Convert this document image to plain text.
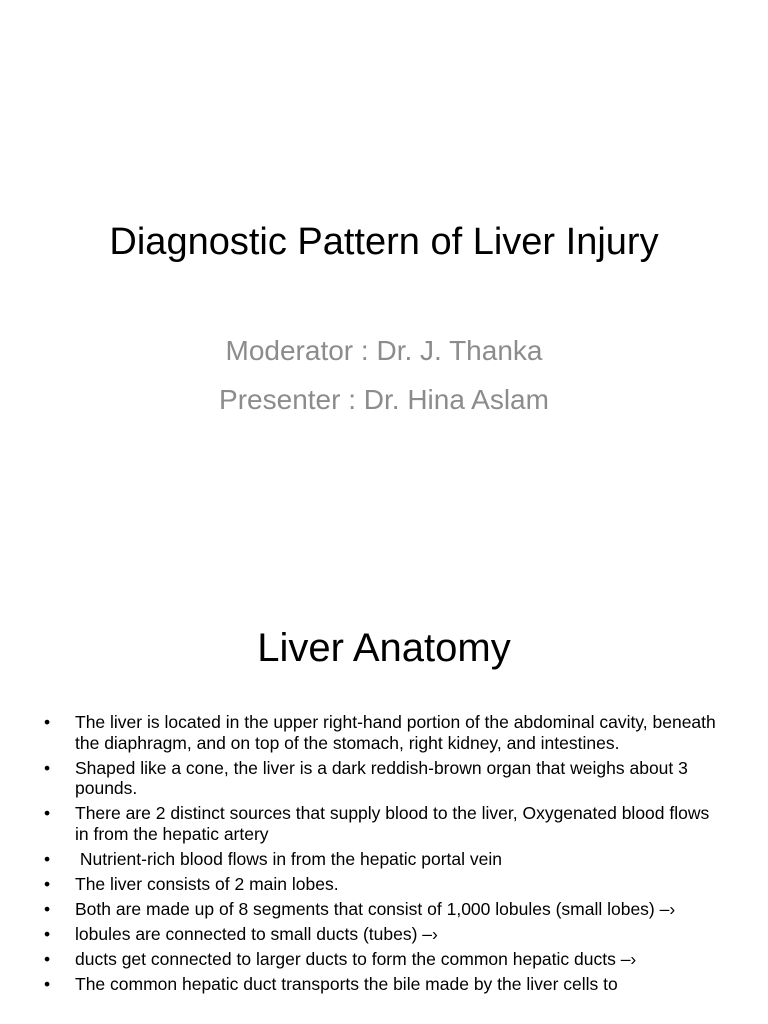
Diagnostic Pattern of Liver Injury
Moderator : Dr. J. Thanka
Presenter : Dr. Hina Aslam
Liver Anatomy
•	The liver is located in the upper right-hand portion of the abdominal cavity, beneath the diaphragm, and on top of the stomach, right kidney, and intestines.
•	Shaped like a cone, the liver is a dark reddish-brown organ that weighs about 3 pounds.
•	There are 2 distinct sources that supply blood to the liver, Oxygenated blood flows in from the hepatic artery
•	Nutrient-rich blood flows in from the hepatic portal vein
•	The liver consists of 2 main lobes.
•	Both are made up of 8 segments that consist of 1,000 lobules (small lobes) –›
•	lobules are connected to small ducts (tubes) –›
•	ducts get connected to larger ducts to form the common hepatic ducts –›
•	The common hepatic duct transports the bile made by the liver cells to
